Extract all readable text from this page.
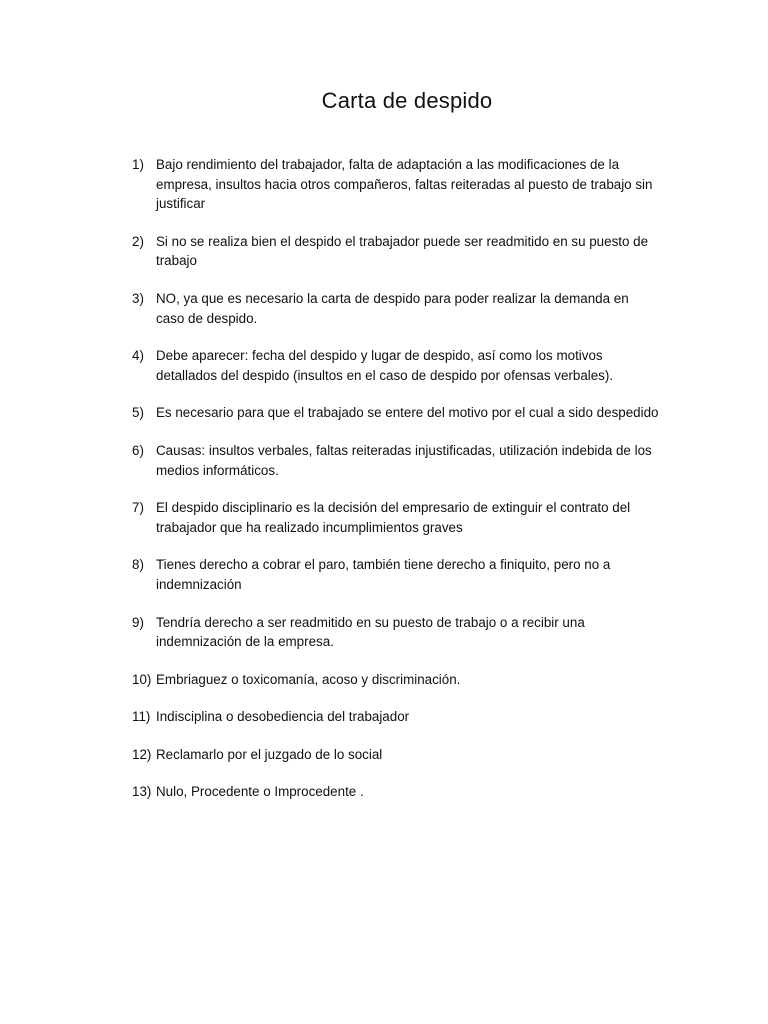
Carta de despido
1) Bajo rendimiento del trabajador, falta de adaptación a las modificaciones de la empresa, insultos hacia otros compañeros, faltas reiteradas al puesto de trabajo sin justificar
2) Si no se realiza bien el despido el trabajador puede ser readmitido en su puesto de trabajo
3) NO, ya que es necesario la carta de despido para poder realizar la demanda en caso de despido.
4) Debe aparecer: fecha del despido y lugar de despido, así como los motivos detallados del despido (insultos en el caso de despido por ofensas verbales).
5) Es necesario para que el trabajado se entere del motivo por el cual a sido despedido
6) Causas: insultos verbales, faltas reiteradas injustificadas, utilización indebida de los medios informáticos.
7) El despido disciplinario es la decisión del empresario de extinguir el contrato del trabajador que ha realizado incumplimientos graves
8) Tienes derecho a cobrar el paro, también tiene derecho a finiquito, pero no a indemnización
9) Tendría derecho a ser readmitido en su puesto de trabajo o a recibir una indemnización de la empresa.
10) Embriaguez o toxicomanía, acoso y discriminación.
11) Indisciplina o desobediencia del trabajador
12) Reclamarlo por el juzgado de lo social
13) Nulo, Procedente o Improcedente .
